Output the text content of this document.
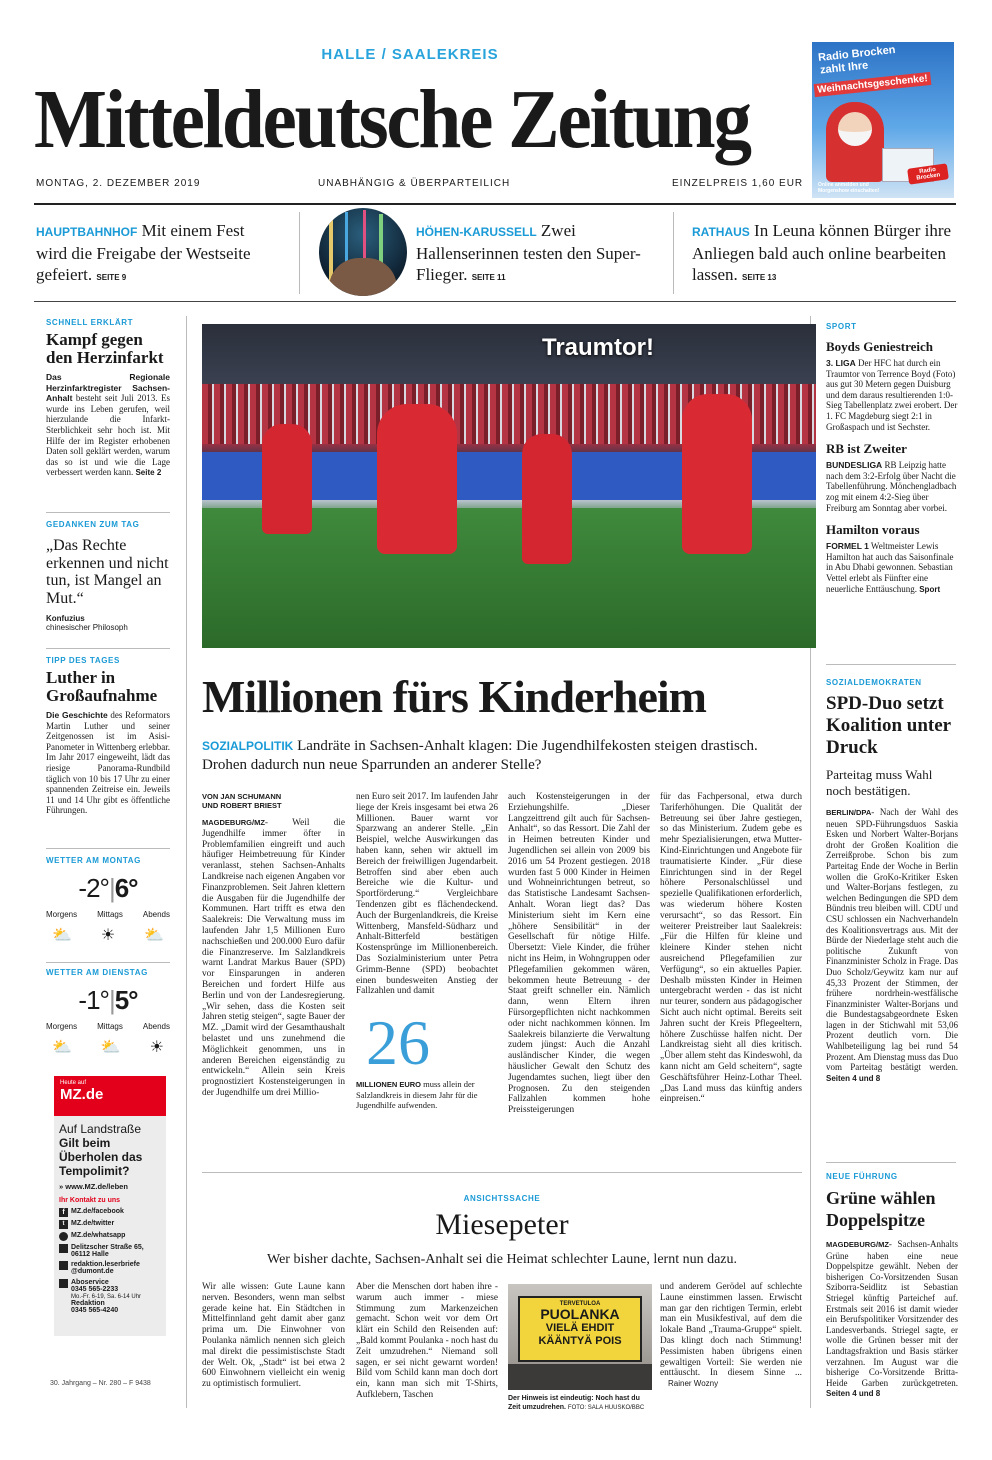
HALLE / SAALEKREIS
Mitteldeutsche Zeitung
MONTAG, 2. DEZEMBER 2019	UNABHÄNGIG & ÜBERPARTEILICH	EINZELPREIS 1,60 EUR
Radio Brocken
zahlt Ihre
Weihnachtsgeschenke!
Online anmelden und Morgenshow einschalten!
Radio Brocken
HAUPTBAHNHOF Mit einem Fest wird die Freigabe der Westseite gefeiert. SEITE 9
HÖHEN-KARUSSELL Zwei Hallenserinnen testen den Super-Flieger. SEITE 11
RATHAUS In Leuna können Bürger ihre Anliegen bald auch online bearbeiten lassen. SEITE 13
SCHNELL ERKLÄRT
Kampf gegen den Herzinfarkt
Das Regionale Herzinfarktregister Sachsen-Anhalt besteht seit Juli 2013. Es wurde ins Leben gerufen, weil hierzulande die Infarkt-Sterblichkeit sehr hoch ist. Mit Hilfe der im Register erhobenen Daten soll geklärt werden, warum das so ist und wie die Lage verbessert werden kann. Seite 2
GEDANKEN ZUM TAG
„Das Rechte erkennen und nicht tun, ist Mangel an Mut.“
Konfuzius
chinesischer Philosoph
TIPP DES TAGES
Luther in Großaufnahme
Die Geschichte des Reformators Martin Luther und seiner Zeitgenossen ist im Asisi-Panometer in Wittenberg erlebbar. Im Jahr 2017 eingeweiht, lädt das riesige Panorama-Rundbild täglich von 10 bis 17 Uhr zu einer spannenden Zeitreise ein. Jeweils 11 und 14 Uhr gibt es öffentliche Führungen.
WETTER AM MONTAG
-2°|6°
Morgens Mittags Abends
⛅ ☀ ⛅
WETTER AM DIENSTAG
-1°|5°
Morgens Mittags Abends
⛅ ⛅ ☀
Heute auf
MZ.de
Auf Landstraße
Gilt beim Überholen das Tempolimit?
» www.MZ.de/leben
Ihr Kontakt zu uns
f MZ.de/facebook
t MZ.de/twitter
MZ.de/whatsapp
Delitzscher Straße 65, 06112 Halle
redaktion.leserbriefe @dumont.de
Aboservice
0345 565-2233
Mo.-Fr. 6-19, Sa. 6-14 Uhr
Redaktion
0345 565-4240
30. Jahrgang – Nr. 280 – F 9438
Traumtor!
SPORT
Boyds Geniestreich
3. LIGA Der HFC hat durch ein Traumtor von Terrence Boyd (Foto) aus gut 30 Metern gegen Duisburg und dem daraus resultierenden 1:0-Sieg Tabellenplatz zwei erobert. Der 1. FC Magdeburg siegt 2:1 in Großaspach und ist Sechster.
RB ist Zweiter
BUNDESLIGA RB Leipzig hatte nach dem 3:2-Erfolg über Nacht die Tabellenführung. Mönchengladbach zog mit einem 4:2-Sieg über Freiburg am Sonntag aber vorbei.
Hamilton voraus
FORMEL 1 Weltmeister Lewis Hamilton hat auch das Saisonfinale in Abu Dhabi gewonnen. Sebastian Vettel erlebt als Fünfter eine neuerliche Enttäuschung. Sport
Millionen fürs Kinderheim
SOZIALPOLITIK Landräte in Sachsen-Anhalt klagen: Die Jugendhilfekosten steigen drastisch. Drohen dadurch nun neue Sparrunden an anderer Stelle?
VON JAN SCHUMANN
UND ROBERT BRIEST
MAGDEBURG/MZ- Weil die Jugendhilfe immer öfter in Problemfamilien eingreift und auch häufiger Heimbetreuung für Kinder veranlasst, stehen Sachsen-Anhalts Landkreise nach eigenen Angaben vor Finanzproblemen. Seit Jahren klettern die Ausgaben für die Jugendhilfe der Kommunen. Hart trifft es etwa den Saalekreis: Die Verwaltung muss im laufenden Jahr 1,5 Millionen Euro nachschießen und 200.000 Euro dafür die Finanzreserve. Im Salzlandkreis warnt Landrat Markus Bauer (SPD) vor Einsparungen in anderen Bereichen und fordert Hilfe aus Berlin und von der Landesregierung. „Wir sehen, dass die Kosten seit Jahren stetig steigen“, sagte Bauer der MZ. „Damit wird der Gesamthaushalt belastet und uns zunehmend die Möglichkeit genommen, uns in anderen Bereichen eigenständig zu entwickeln.“ Allein sein Kreis prognostiziert Kostensteigerungen in der Jugendhilfe um drei Millio-
nen Euro seit 2017. Im laufenden Jahr liege der Kreis insgesamt bei etwa 26 Millionen. Bauer warnt vor Sparzwang an anderer Stelle. „Ein Beispiel, welche Auswirkungen das haben kann, sehen wir aktuell im Bereich der freiwilligen Jugendarbeit. Betroffen sind aber eben auch Bereiche wie die Kultur- und Sportförderung.“ Vergleichbare Tendenzen gibt es flächendeckend. Auch der Burgenlandkreis, die Kreise Wittenberg, Mansfeld-Südharz und Anhalt-Bitterfeld bestätigen Kostensprünge im Millionenbereich. Das Sozialministerium unter Petra Grimm-Benne (SPD) beobachtet einen bundesweiten Anstieg der Fallzahlen und damit
26
MILLIONEN EURO muss allein der Salzlandkreis in diesem Jahr für die Jugendhilfe aufwenden.
auch Kostensteigerungen in der Erziehungshilfe. „Dieser Langzeittrend gilt auch für Sachsen-Anhalt“, so das Ressort. Die Zahl der in Heimen betreuten Kinder und Jugendlichen sei allein von 2009 bis 2016 um 54 Prozent gestiegen. 2018 wurden fast 5 000 Kinder in Heimen und Wohneinrichtungen betreut, so das Statistische Landesamt Sachsen-Anhalt. Woran liegt das? Das Ministerium sieht im Kern eine „höhere Sensibilität“ in der Gesellschaft für nötige Hilfe. Übersetzt: Viele Kinder, die früher nicht ins Heim, in Wohngruppen oder Pflegefamilien gekommen wären, bekommen heute Betreuung - der Staat greift schneller ein. Nämlich dann, wenn Eltern ihren Fürsorgepflichten nicht nachkommen oder nicht nachkommen können. Im Saalekreis bilanzierte die Verwaltung zudem jüngst: Auch die Anzahl ausländischer Kinder, die wegen häuslicher Gewalt den Schutz des Jugendamtes suchen, liegt über den Prognosen. Zu den steigenden Fallzahlen kommen hohe Preissteigerungen
für das Fachpersonal, etwa durch Tariferhöhungen. Die Qualität der Betreuung sei über Jahre gestiegen, so das Ministerium. Zudem gebe es mehr Spezialisierungen, etwa Mutter-Kind-Einrichtungen und Angebote für traumatisierte Kinder. „Für diese Einrichtungen sind in der Regel höhere Personalschlüssel und spezielle Qualifikationen erforderlich, was wiederum höhere Kosten verursacht“, so das Ressort. Ein weiterer Preistreiber laut Saalekreis: „Für die Hilfen für kleine und kleinere Kinder stehen nicht ausreichend Pflegefamilien zur Verfügung“, so ein aktuelles Papier. Deshalb müssten Kinder in Heimen untergebracht werden - das ist nicht nur teurer, sondern aus pädagogischer Sicht auch nicht optimal. Bereits seit Jahren sucht der Kreis Pflegeeltern, höhere Zuschüsse halfen nicht. Der Landkreistag sieht all dies kritisch. „Über allem steht das Kindeswohl, da kann nicht am Geld scheitern“, sagte Geschäftsführer Heinz-Lothar Theel. „Das Land muss das künftig anders einpreisen.“
SOZIALDEMOKRATEN
SPD-Duo setzt Koalition unter Druck
Parteitag muss Wahl noch bestätigen.
BERLIN/DPA- Nach der Wahl des neuen SPD-Führungsduos Saskia Esken und Norbert Walter-Borjans droht der Großen Koalition die Zerreißprobe. Schon bis zum Parteitag Ende der Woche in Berlin wollen die GroKo-Kritiker Esken und Walter-Borjans festlegen, zu welchen Bedingungen die SPD dem Bündnis treu bleiben will. CDU und CSU schlossen ein Nachverhandeln des Koalitionsvertrags aus. Mit der Bürde der Niederlage steht auch die politische Zukunft von Finanzminister Scholz in Frage. Das Duo Scholz/Geywitz kam nur auf 45,33 Prozent der Stimmen, der frühere nordrhein-westfälische Finanzminister Walter-Borjans und die Bundestagsabgeordnete Esken lagen in der Stichwahl mit 53,06 Prozent deutlich vorn. Die Wahlbeteiligung lag bei rund 54 Prozent. Am Dienstag muss das Duo vom Parteitag bestätigt werden. Seiten 4 und 8
NEUE FÜHRUNG
Grüne wählen Doppelspitze
MAGDEBURG/MZ- Sachsen-Anhalts Grüne haben eine neue Doppelspitze gewählt. Neben der bisherigen Co-Vorsitzenden Susan Sziborra-Seidlitz ist Sebastian Striegel künftig Parteichef auf. Erstmals seit 2016 ist damit wieder ein Berufspolitiker Vorsitzender des Landesverbands. Striegel sagte, er wolle die Grünen besser mit der Landtagsfraktion und Basis stärker verzahnen. Im August war die bisherige Co-Vorsitzende Britta-Heide Garben zurückgetreten. Seiten 4 und 8
ANSICHTSSACHE
Miesepeter
Wer bisher dachte, Sachsen-Anhalt sei die Heimat schlechter Laune, lernt nun dazu.
Wir alle wissen: Gute Laune kann nerven. Besonders, wenn man selbst gerade keine hat. Ein Städtchen in Mittelfinnland geht damit aber ganz prima um. Die Einwohner von Poulanka nämlich nennen sich gleich mal direkt die pessimistischste Stadt der Welt. Ok, „Stadt“ ist bei etwa 2 600 Einwohnern vielleicht ein wenig zu optimistisch formuliert.
Aber die Menschen dort haben ihre - warum auch immer - miese Stimmung zum Markenzeichen gemacht. Schon weit vor dem Ort klärt ein Schild den Reisenden auf: „Bald kommt Poulanka - noch hast du Zeit umzudrehen.“ Niemand soll sagen, er sei nicht gewarnt worden! Bild vom Schild kann man doch dort ein, kann man sich mit T-Shirts, Aufklebern, Taschen
TERVETULOA
PUOLANKA
VIELÄ EHDIT
KÄÄNTYÄ POIS
Der Hinweis ist eindeutig: Noch hast du Zeit umzudrehen. FOTO: SALA HUUSKO/BBC
und anderem Gerödel auf schlechte Laune einstimmen lassen. Erwischt man gar den richtigen Termin, erlebt man ein Musikfestival, auf dem die lokale Band „Trauma-Gruppe“ spielt. Das klingt doch nach Stimmung! Pessimisten haben übrigens einen gewaltigen Vorteil: Sie werden nie enttäuscht. In diesem Sinne ... Rainer Wozny
